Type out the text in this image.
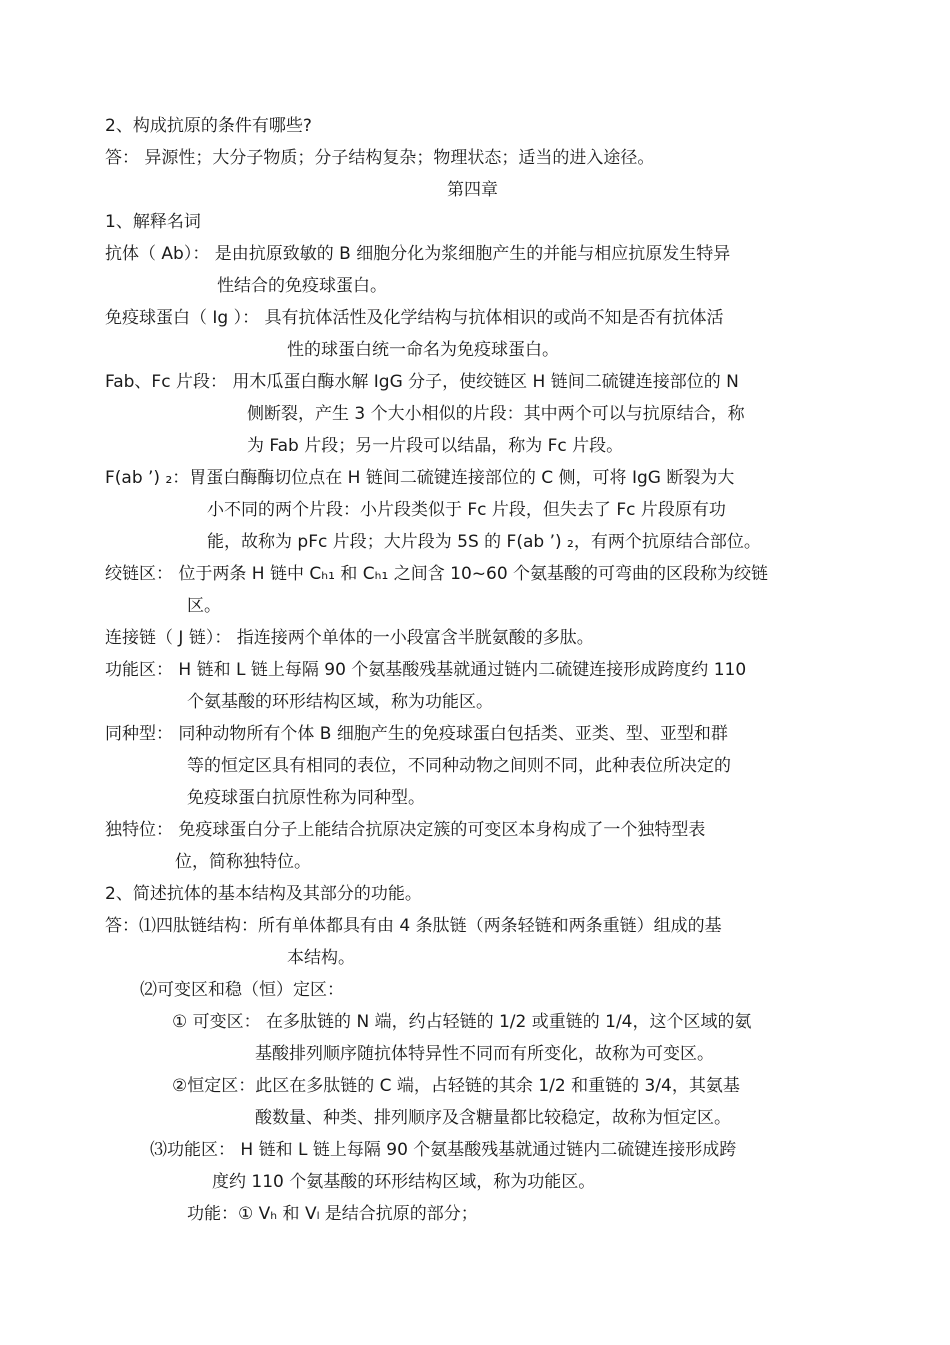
2、构成抗原的条件有哪些?
答： 异源性；大分子物质；分子结构复杂；物理状态；适当的进入途径。
第四章
1、解释名词
抗体（ Ab）： 是由抗原致敏的 B 细胞分化为浆细胞产生的并能与相应抗原发生特异
性结合的免疫球蛋白。
免疫球蛋白（ Ig ）： 具有抗体活性及化学结构与抗体相识的或尚不知是否有抗体活
性的球蛋白统一命名为免疫球蛋白。
Fab、Fc 片段： 用木瓜蛋白酶水解 IgG 分子，使绞链区 H 链间二硫键连接部位的 N
侧断裂，产生 3 个大小相似的片段：其中两个可以与抗原结合，称
为 Fab 片段；另一片段可以结晶，称为 Fc 片段。
F(ab ’) ₂：胃蛋白酶酶切位点在 H 链间二硫键连接部位的 C 侧，可将 IgG 断裂为大
小不同的两个片段：小片段类似于 Fc 片段，但失去了 Fc 片段原有功
能，故称为 pFc 片段；大片段为 5S 的 F(ab ’) ₂，有两个抗原结合部位。
绞链区： 位于两条 H 链中 Cₕ₁ 和 Cₕ₁ 之间含 10~60 个氨基酸的可弯曲的区段称为绞链
区。
连接链（ J 链）： 指连接两个单体的一小段富含半胱氨酸的多肽。
功能区： H 链和 L 链上每隔 90 个氨基酸残基就通过链内二硫键连接形成跨度约 110
个氨基酸的环形结构区域，称为功能区。
同种型： 同种动物所有个体 B 细胞产生的免疫球蛋白包括类、亚类、型、亚型和群
等的恒定区具有相同的表位，不同种动物之间则不同，此种表位所决定的
免疫球蛋白抗原性称为同种型。
独特位： 免疫球蛋白分子上能结合抗原决定簇的可变区本身构成了一个独特型表
位，简称独特位。
2、简述抗体的基本结构及其部分的功能。
答：⑴四肽链结构：所有单体都具有由 4 条肽链（两条轻链和两条重链）组成的基
本结构。
⑵可变区和稳（恒）定区：
① 可变区： 在多肽链的 N 端，约占轻链的 1/2 或重链的 1/4，这个区域的氨
基酸排列顺序随抗体特异性不同而有所变化，故称为可变区。
②恒定区：此区在多肽链的 C 端，占轻链的其余 1/2 和重链的 3/4，其氨基
酸数量、种类、排列顺序及含糖量都比较稳定，故称为恒定区。
⑶功能区： H 链和 L 链上每隔 90 个氨基酸残基就通过链内二硫键连接形成跨
度约 110 个氨基酸的环形结构区域，称为功能区。
功能：① Vₕ 和 Vₗ 是结合抗原的部分；
